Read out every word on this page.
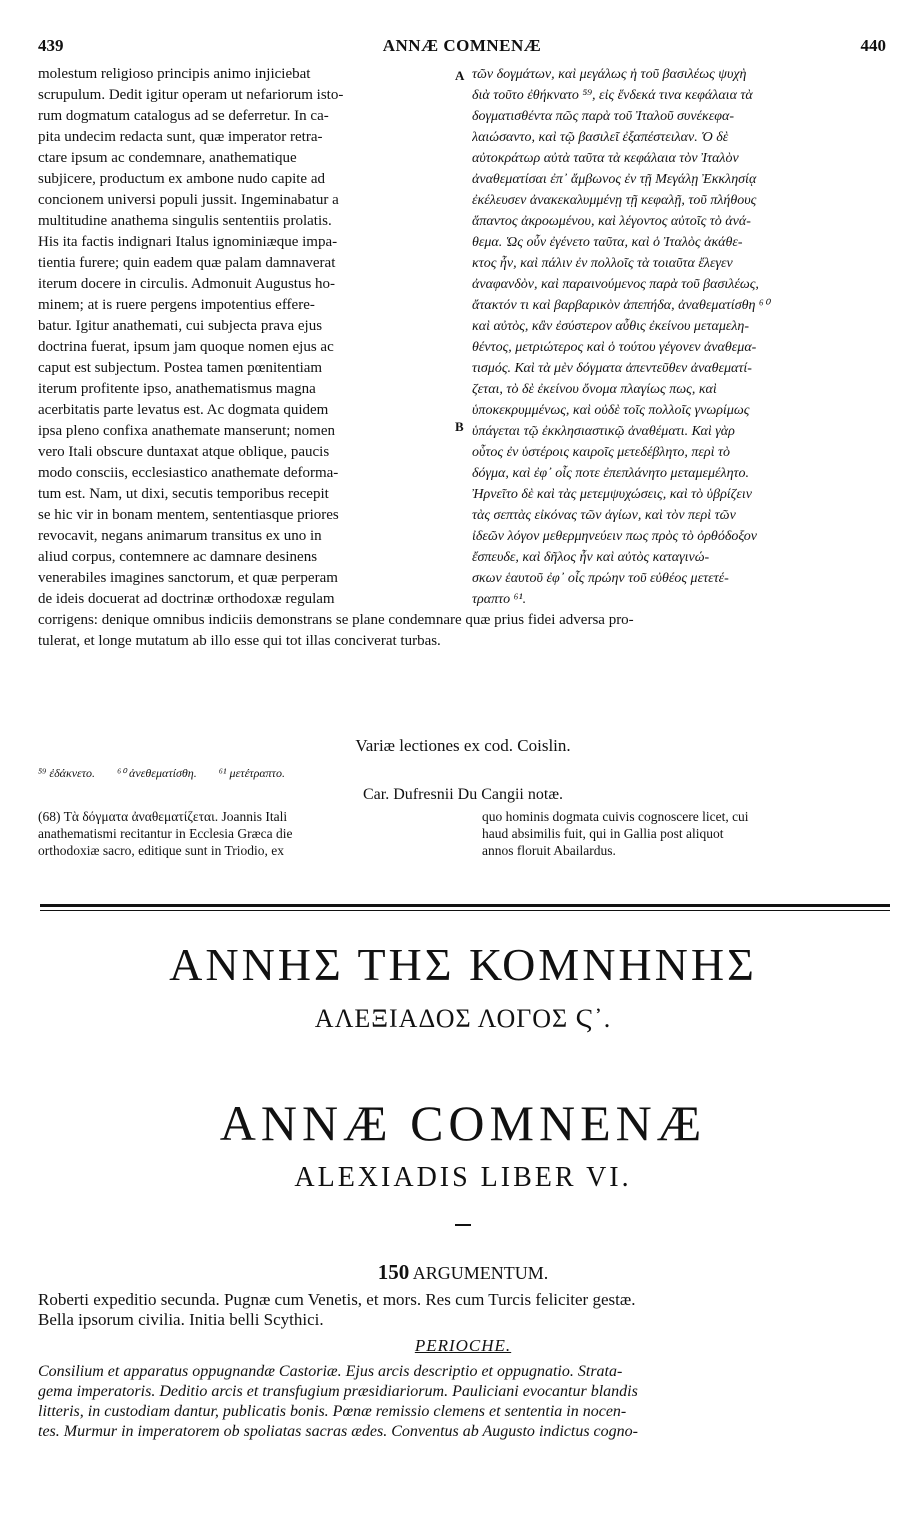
439	ANNÆ COMNENÆ	440
molestum religioso principis animo injiciebat
scrupulum. Dedit igitur operam ut nefariorum isto-
rum dogmatum catalogus ad se deferretur. In ca-
pita undecim redacta sunt, quæ imperator retra-
ctare ipsum ac condemnare, anathematique
subjicere, productum ex ambone nudo capite ad
concionem universi populi jussit. Ingeminabatur a
multitudine anathema singulis sententiis prolatis.
His ita factis indignari Italus ignominiæque impa-
tientia furere; quin eadem quæ palam damnaverat
iterum docere in circulis. Admonuit Augustus ho-
minem; at is ruere pergens impotentius effere-
batur. Igitur anathemati, cui subjecta prava ejus
doctrina fuerat, ipsum jam quoque nomen ejus ac
caput est subjectum. Postea tamen pœnitentiam
iterum profitente ipso, anathematismus magna
acerbitatis parte levatus est. Ac dogmata quidem
ipsa pleno confixa anathemate manserunt; nomen
vero Itali obscure duntaxat atque oblique, paucis
modo consciis, ecclesiastico anathemate deforma-
tum est. Nam, ut dixi, secutis temporibus recepit
se hic vir in bonam mentem, sententiasque priores
revocavit, negans animarum transitus ex uno in
aliud corpus, contemnere ac damnare desinens
venerabiles imagines sanctorum, et quæ perperam
de ideis docuerat ad doctrinæ orthodoxæ regulam
τῶν δογμάτων, καὶ μεγάλως ἡ τοῦ βασιλέως ψυχὴ
διὰ τοῦτο ἐθήκνατο ⁵⁹, εἰς ἕνδεκά τινα κεφάλαια τὰ
δογματισθέντα πῶς παρὰ τοῦ Ἰταλοῦ συνέκεφα-
λαιώσαντο, καὶ τῷ βασιλεῖ ἐξαπέστειλαν. Ὁ δὲ
αὐτοκράτωρ αὐτὰ ταῦτα τὰ κεφάλαια τὸν Ἰταλὸν
ἀναθεματίσαι ἐπ᾽ ἄμβωνος ἐν τῇ Μεγάλῃ Ἐκκλησίᾳ
ἐκέλευσεν ἀνακεκαλυμμένῃ τῇ κεφαλῇ, τοῦ πλήθους
ἅπαντος ἀκροωμένου, καὶ λέγοντος αὐτοῖς τὸ ἀνά-
θεμα. Ὡς οὖν ἐγένετο ταῦτα, καὶ ὁ Ἰταλὸς ἀκάθε-
κτος ἦν, καὶ πάλιν ἐν πολλοῖς τὰ τοιαῦτα ἔλεγεν
ἀναφανδὸν, καὶ παραινούμενος παρὰ τοῦ βασιλέως,
ἄτακτόν τι καὶ βαρβαρικὸν ἀπεπήδα, ἀναθεματίσθη ⁶⁰
καὶ αὐτὸς, κἂν ἐσύστερον αὖθις ἐκείνου μεταμελη-
θέντος, μετριώτερος καὶ ὁ τούτου γέγονεν ἀναθεμα-
τισμός. Καὶ τὰ μὲν δόγματα ἀπεντεῦθεν ἀναθεματί-
ζεται, τὸ δὲ ἐκείνου ὄνομα πλαγίως πως, καὶ
ὑποκεκρυμμένως, καὶ οὐδὲ τοῖς πολλοῖς γνωρίμως
ὑπάγεται τῷ ἐκκλησιαστικῷ ἀναθέματι. Καὶ γὰρ
οὗτος ἐν ὑστέροις καιροῖς μετεδέβλητο, περὶ τὸ
δόγμα, καὶ ἐφ᾽ οἷς ποτε ἐπεπλάνητο μεταμεμέλητο.
Ἠρνεῖτο δὲ καὶ τὰς μετεμψυχώσεις, καὶ τὸ ὑβρίζειν
τὰς σεπτὰς εἰκόνας τῶν ἁγίων, καὶ τὸν περὶ τῶν
ἰδεῶν λόγον μεθερμηνεύειν πως πρὸς τὸ ὀρθόδοξον
ἔσπευδε, καὶ δῆλος ἦν καὶ αὐτὸς καταγινώ-
σκων ἑαυτοῦ ἐφ᾽ οἷς πρώην τοῦ εὐθέος μετετέ-
τραπτο ⁶¹.
A
B
corrigens: denique omnibus indiciis demonstrans se plane condemnare quæ prius fidei adversa pro-
tulerat, et longe mutatum ab illo esse qui tot illas conciverat turbas.
Variæ lectiones ex cod. Coislin.
⁵⁹ ἐδάκνετο. ⁶⁰ ἀνεθεματίσθη. ⁶¹ μετέτραπτο.
Car. Dufresnii Du Cangii notæ.
(68) Τὰ δόγματα ἀναθεματίζεται. Joannis Itali
anathematismi recitantur in Ecclesia Græca die
orthodoxiæ sacro, editique sunt in Triodio, ex
quo hominis dogmata cuivis cognoscere licet, cui
haud absimilis fuit, qui in Gallia post aliquot
annos floruit Abailardus.
ΑΝΝΗΣ ΤΗΣ ΚΟΜΝΗΝΗΣ
ΑΛΕΞΙΑΔΟΣ ΛΟΓΟΣ Ϛ᾽.
ANNÆ COMNENÆ
ALEXIADIS LIBER VI.
150 ARGUMENTUM.
Roberti expeditio secunda. Pugnæ cum Venetis, et mors. Res cum Turcis feliciter gestæ.
Bella ipsorum civilia. Initia belli Scythici.
PERIOCHE.
Consilium et apparatus oppugnandæ Castoriæ. Ejus arcis descriptio et oppugnatio. Strata-
gema imperatoris. Deditio arcis et transfugium præsidiariorum. Pauliciani evocantur blandis
litteris, in custodiam dantur, publicatis bonis. Pœnæ remissio clemens et sententia in nocen-
tes. Murmur in imperatorem ob spoliatas sacras ædes. Conventus ab Augusto indictus cogno-
